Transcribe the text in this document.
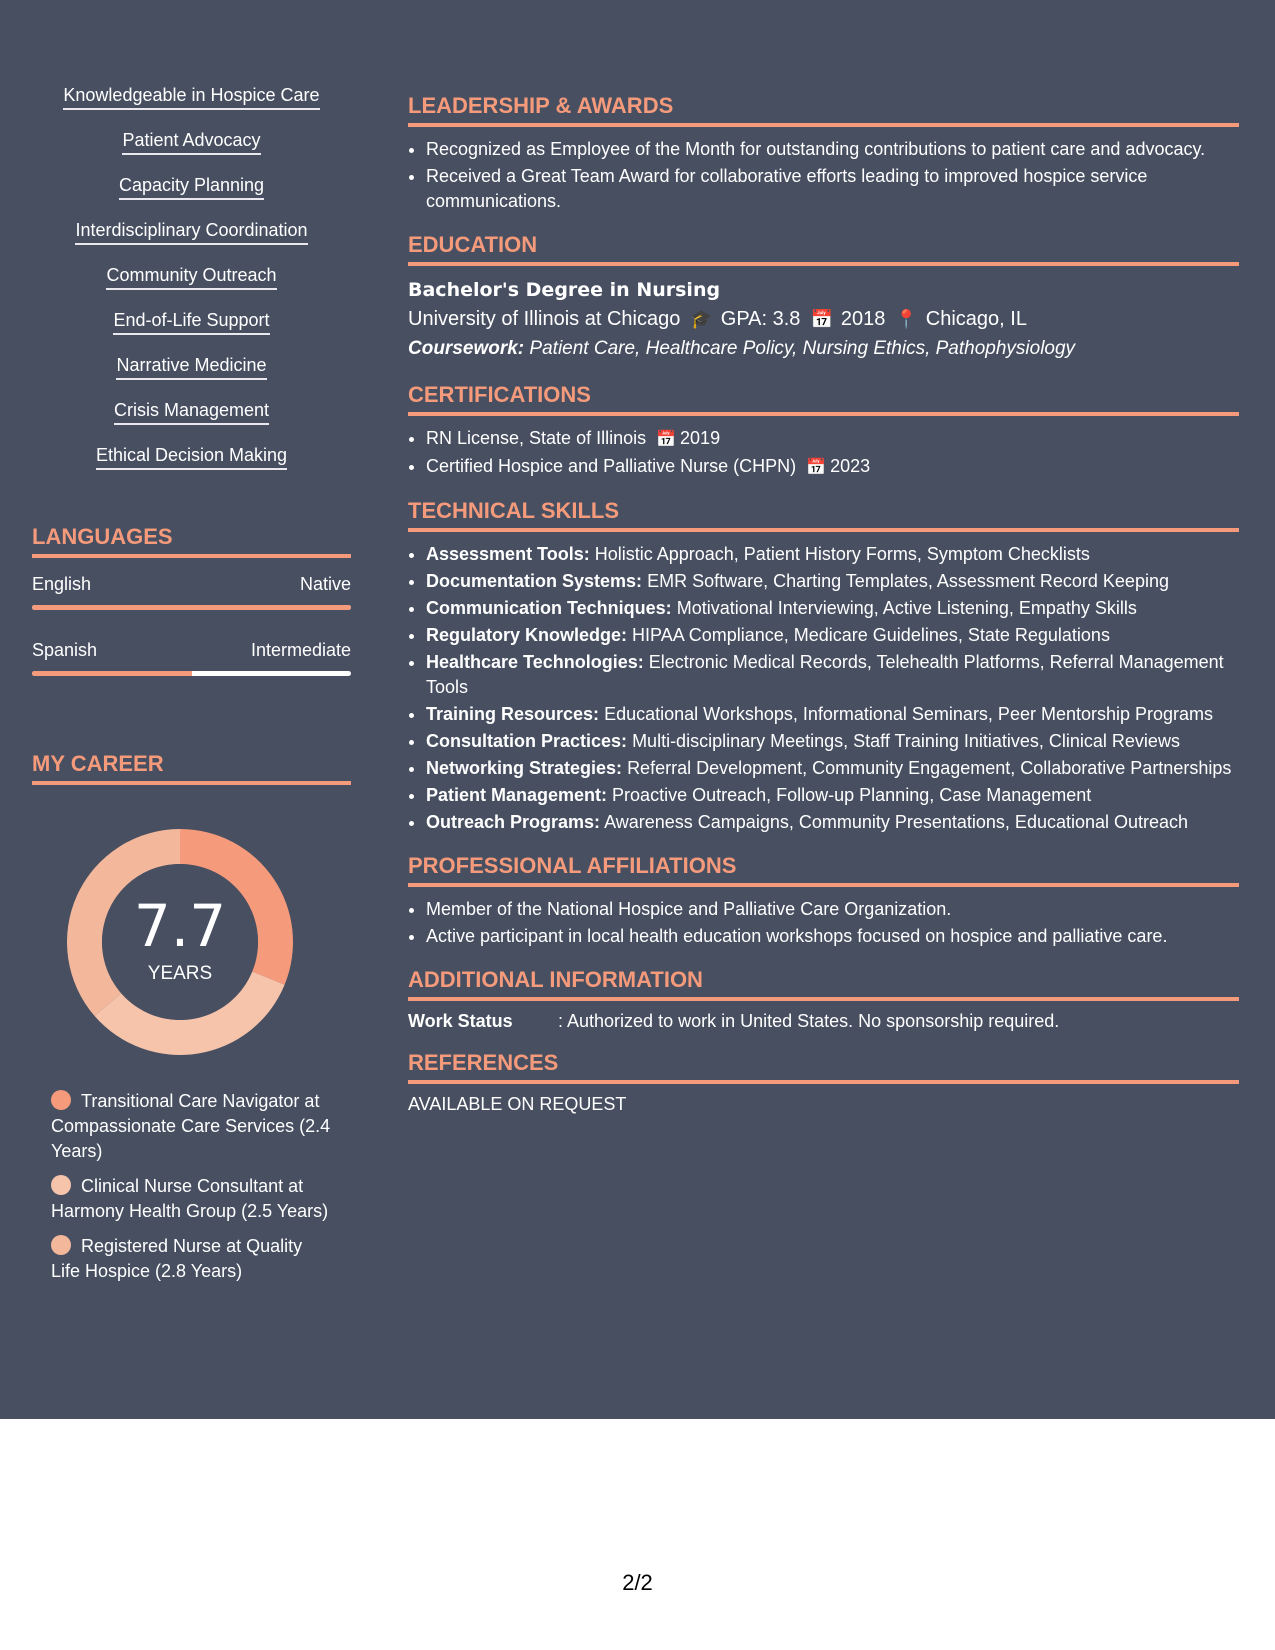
Knowledgeable in Hospice Care
Patient Advocacy
Capacity Planning
Interdisciplinary Coordination
Community Outreach
End-of-Life Support
Narrative Medicine
Crisis Management
Ethical Decision Making
LANGUAGES
English	Native
Spanish	Intermediate
MY CAREER
7.7
YEARS
Transitional Care Navigator at Compassionate Care Services (2.4 Years)
Clinical Nurse Consultant at Harmony Health Group (2.5 Years)
Registered Nurse at Quality Life Hospice (2.8 Years)
LEADERSHIP & AWARDS
• Recognized as Employee of the Month for outstanding contributions to patient care and advocacy.
• Received a Great Team Award for collaborative efforts leading to improved hospice service communications.
EDUCATION
Bachelor's Degree in Nursing
University of Illinois at Chicago 🎓 GPA: 3.8 📅 2018 📍 Chicago, IL
Coursework: Patient Care, Healthcare Policy, Nursing Ethics, Pathophysiology
CERTIFICATIONS
• RN License, State of Illinois 📅 2019
• Certified Hospice and Palliative Nurse (CHPN) 📅 2023
TECHNICAL SKILLS
• Assessment Tools: Holistic Approach, Patient History Forms, Symptom Checklists
• Documentation Systems: EMR Software, Charting Templates, Assessment Record Keeping
• Communication Techniques: Motivational Interviewing, Active Listening, Empathy Skills
• Regulatory Knowledge: HIPAA Compliance, Medicare Guidelines, State Regulations
• Healthcare Technologies: Electronic Medical Records, Telehealth Platforms, Referral Management Tools
• Training Resources: Educational Workshops, Informational Seminars, Peer Mentorship Programs
• Consultation Practices: Multi-disciplinary Meetings, Staff Training Initiatives, Clinical Reviews
• Networking Strategies: Referral Development, Community Engagement, Collaborative Partnerships
• Patient Management: Proactive Outreach, Follow-up Planning, Case Management
• Outreach Programs: Awareness Campaigns, Community Presentations, Educational Outreach
PROFESSIONAL AFFILIATIONS
• Member of the National Hospice and Palliative Care Organization.
• Active participant in local health education workshops focused on hospice and palliative care.
ADDITIONAL INFORMATION
Work Status	: Authorized to work in United States. No sponsorship required.
REFERENCES
AVAILABLE ON REQUEST
2/2
